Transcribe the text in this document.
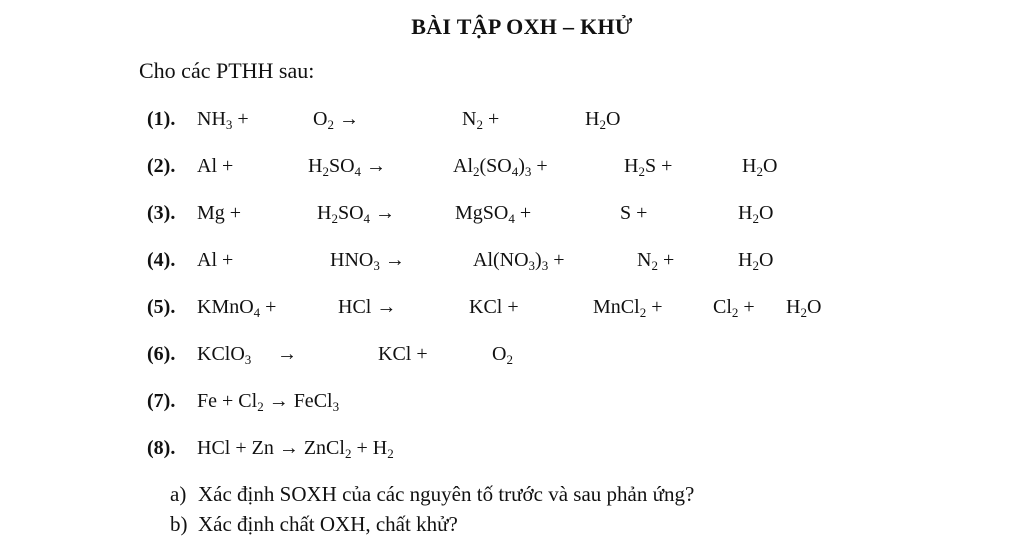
BÀI TẬP OXH – KHỬ
Cho các PTHH sau:
(1). $NH_3$ +	$O_2$ →	$N_2$ +	$H_2O$
(2). Al +	$H_2SO_4$ →	$Al_2(SO_4)_3$ +	$H_2S$ +	$H_2O$
(3). Mg +	$H_2SO_4$ →	MgSO$_4$ +	S +	$H_2O$
(4). Al +	$HNO_3$ →	$Al(NO_3)_3$ +	$N_2$ +	$H_2O$
(5). KMnO$_4$ +	HCl →	KCl +	MnCl$_2$ +	$Cl_2 + H_2O$
(6). KClO$_3$ →	KCl +	$O_2$
(7). $Fe + Cl_2$ → FeCl$_3$
(8). HCl + Zn → ZnCl$_2$ + $H_2$
a) Xác định SOXH của các nguyên tố trước và sau phản ứng?
b) Xác định chất OXH, chất khử?
